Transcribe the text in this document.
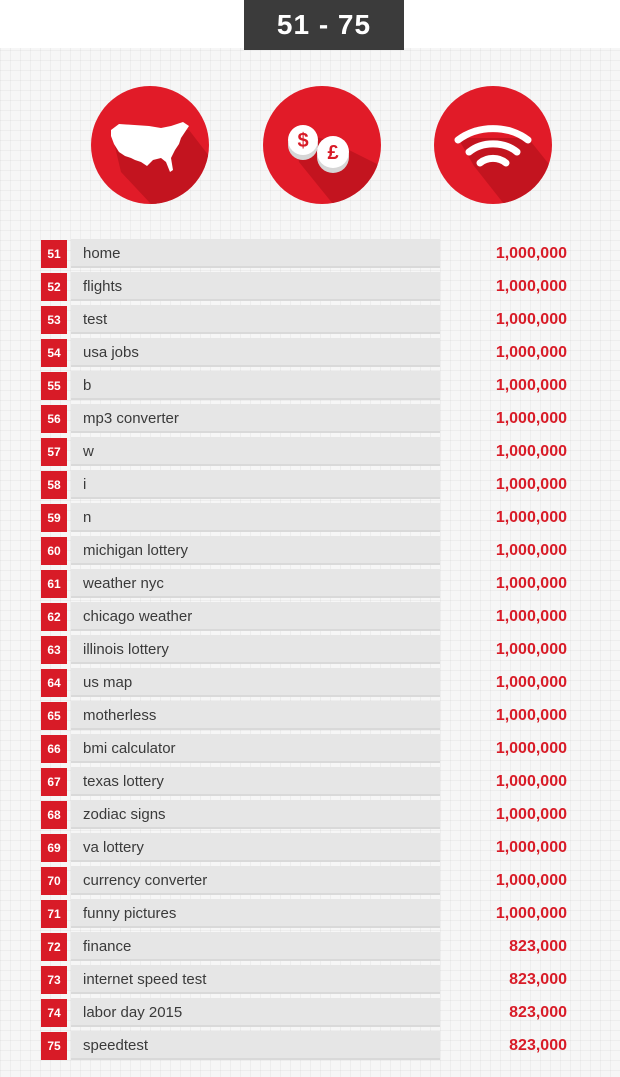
51 - 75
$
£
51	home	1,000,000
52	flights	1,000,000
53	test	1,000,000
54	usa jobs	1,000,000
55	b	1,000,000
56	mp3 converter	1,000,000
57	w	1,000,000
58	i	1,000,000
59	n	1,000,000
60	michigan lottery	1,000,000
61	weather nyc	1,000,000
62	chicago weather	1,000,000
63	illinois lottery	1,000,000
64	us map	1,000,000
65	motherless	1,000,000
66	bmi calculator	1,000,000
67	texas lottery	1,000,000
68	zodiac signs	1,000,000
69	va lottery	1,000,000
70	currency converter	1,000,000
71	funny pictures	1,000,000
72	finance	823,000
73	internet speed test	823,000
74	labor day 2015	823,000
75	speedtest	823,000
